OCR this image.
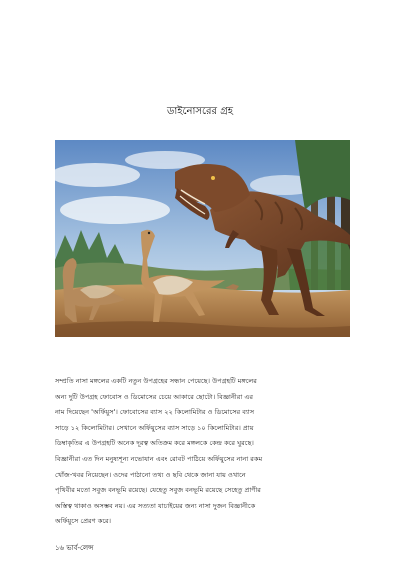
ডাইনোসরের গ্রহ
সম্প্রতি নাসা মঙ্গলের একটি নতুন উপগ্রহের সন্ধান পেয়েছে। উপগ্রহটি মঙ্গলের
অন্য দুটি উপগ্রহ ফোবোস ও ডিমোসের চেয়ে আকারে ছোটো। বিজ্ঞানীরা এর
নাম দিয়েছেন 'অর্ফিয়ুস'। ফোবোসের ব্যাস ২২ কিলোমিটার ও ডিমোসের ব্যাস
সাড়ে ১২ কিলোমিটার। সেখানে অর্ফিয়ুসের ব্যাস সাড়ে ১০ কিলোমিটার। প্রায়
ডিম্বাকৃতির এ উপগ্রহটি অনেক দূরত্ব অতিক্রম করে মঙ্গলকে কেন্দ্র করে ঘুরছে।
বিজ্ঞানীরা এত দিন মনুষ্যশূন্য নভোযান এবং রোবট পাঠিয়ে অর্ফিয়ুসের নানা রকম
খোঁজ-খবর নিয়েছেন। ওদের পাঠানো তথ্য ও ছবি থেকে জানা যায় ওখানে
পৃথিবীর মতো সবুজ বনভূমি রয়েছে। যেহেতু সবুজ বনভূমি রয়েছে সেহেতু প্রাণীর
অস্তিত্ব থাকাও অসম্ভব নয়। এর সত্যতা যাচাইয়ের জন্য নাসা দুজন বিজ্ঞানীকে
অর্ফিয়ুসে প্রেরণ করে।
১৬ ভার্ব-লেন্স
